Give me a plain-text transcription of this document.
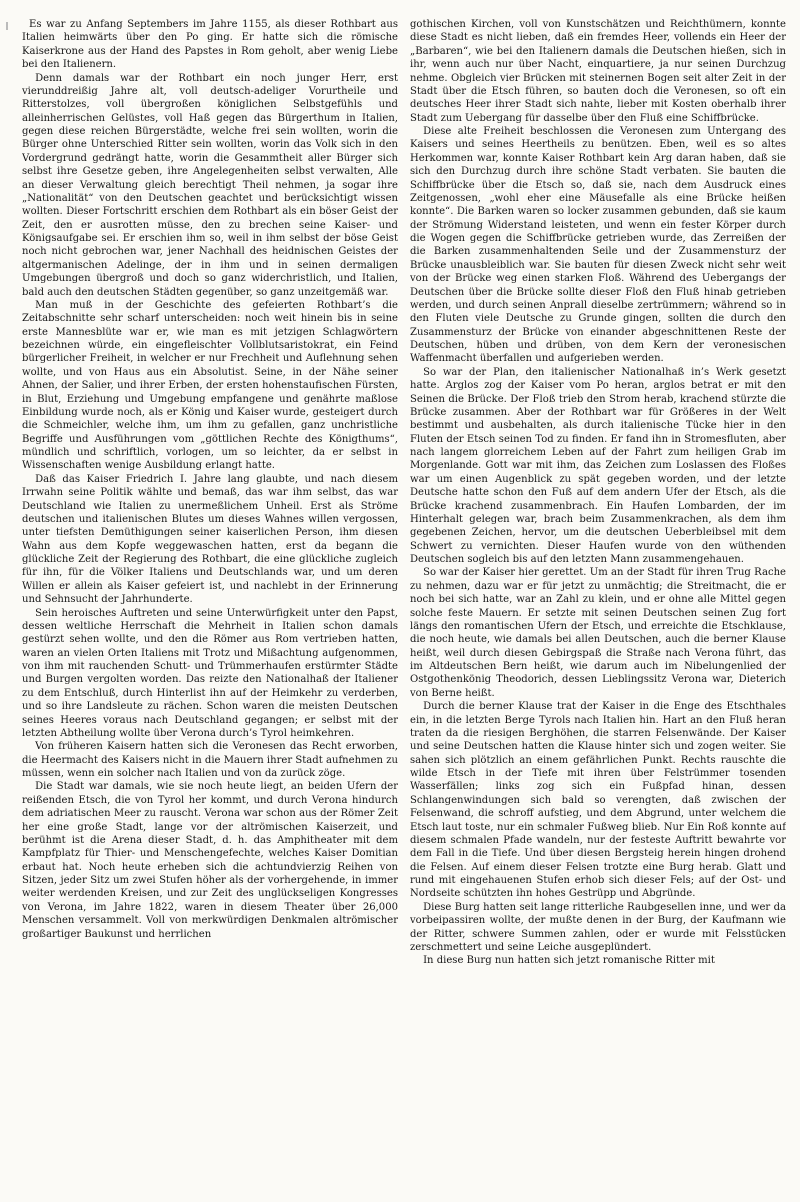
Es war zu Anfang Septembers im Jahre 1155, als dieser Rothbart aus Italien heimwärts über den Po ging. Er hatte sich die römische Kaiserkrone aus der Hand des Papstes in Rom geholt, aber wenig Liebe bei den Italienern.

Denn damals war der Rothbart ein noch junger Herr, erst vierunddreißig Jahre alt, voll deutsch-adeliger Vorurtheile und Ritterstolzes, voll übergroßen königlichen Selbstgefühls und alleinherrischen Gelüstes, voll Haß gegen das Bürgerthum in Italien, gegen diese reichen Bürgerstädte, welche frei sein wollten, worin die Bürger ohne Unterschied Ritter sein wollten, worin das Volk sich in den Vordergrund gedrängt hatte, worin die Gesammtheit aller Bürger sich selbst ihre Gesetze geben, ihre Angelegenheiten selbst verwalten, Alle an dieser Verwaltung gleich berechtigt Theil nehmen, ja sogar ihre „Nationalität“ von den Deutschen geachtet und berücksichtigt wissen wollten. Dieser Fortschritt erschien dem Rothbart als ein böser Geist der Zeit, den er ausrotten müsse, den zu brechen seine Kaiser- und Königsaufgabe sei. Er erschien ihm so, weil in ihm selbst der böse Geist noch nicht gebrochen war, jener Nachhall des heidnischen Geistes der altgermanischen Adelinge, der in ihm und in seinen dermaligen Umgebungen übergroß und doch so ganz widerchristlich, und Italien, bald auch den deutschen Städten gegenüber, so ganz unzeitgemäß war.

Man muß in der Geschichte des gefeierten Rothbart’s die Zeitabschnitte sehr scharf unterscheiden: noch weit hinein bis in seine erste Mannesblüte war er, wie man es mit jetzigen Schlagwörtern bezeichnen würde, ein eingefleischter Vollblutsaristokrat, ein Feind bürgerlicher Freiheit, in welcher er nur Frechheit und Auflehnung sehen wollte, und von Haus aus ein Absolutist. Seine, in der Nähe seiner Ahnen, der Salier, und ihrer Erben, der ersten hohenstaufischen Fürsten, in Blut, Erziehung und Umgebung empfangene und genährte maßlose Einbildung wurde noch, als er König und Kaiser wurde, gesteigert durch die Schmeichler, welche ihm, um ihm zu gefallen, ganz unchristliche Begriffe und Ausführungen vom „göttlichen Rechte des Königthums“, mündlich und schriftlich, vorlogen, um so leichter, da er selbst in Wissenschaften wenige Ausbildung erlangt hatte.

Daß das Kaiser Friedrich I. Jahre lang glaubte, und nach diesem Irrwahn seine Politik wählte und bemaß, das war ihm selbst, das war Deutschland wie Italien zu unermeßlichem Unheil. Erst als Ströme deutschen und italienischen Blutes um dieses Wahnes willen vergossen, unter tiefsten Demüthigungen seiner kaiserlichen Person, ihm diesen Wahn aus dem Kopfe weggewaschen hatten, erst da begann die glückliche Zeit der Regierung des Rothbart, die eine glückliche zugleich für ihn, für die Völker Italiens und Deutschlands war, und um deren Willen er allein als Kaiser gefeiert ist, und nachlebt in der Erinnerung und Sehnsucht der Jahrhunderte.

Sein heroisches Auftreten und seine Unterwürfigkeit unter den Papst, dessen weltliche Herrschaft die Mehrheit in Italien schon damals gestürzt sehen wollte, und den die Römer aus Rom vertrieben hatten, waren an vielen Orten Italiens mit Trotz und Mißachtung aufgenommen, von ihm mit rauchenden Schutt- und Trümmerhaufen erstürmter Städte und Burgen vergolten worden. Das reizte den Nationalhaß der Italiener zu dem Entschluß, durch Hinterlist ihn auf der Heimkehr zu verderben, und so ihre Landsleute zu rächen. Schon waren die meisten Deutschen seines Heeres voraus nach Deutschland gegangen; er selbst mit der letzten Abtheilung wollte über Verona durch’s Tyrol heimkehren.

Von früheren Kaisern hatten sich die Veronesen das Recht erworben, die Heermacht des Kaisers nicht in die Mauern ihrer Stadt aufnehmen zu müssen, wenn ein solcher nach Italien und von da zurück zöge.

Die Stadt war damals, wie sie noch heute liegt, an beiden Ufern der reißenden Etsch, die von Tyrol her kommt, und durch Verona hindurch dem adriatischen Meer zu rauscht. Verona war schon aus der Römer Zeit her eine große Stadt, lange vor der altrömischen Kaiserzeit, und berühmt ist die Arena dieser Stadt, d. h. das Amphitheater mit dem Kampfplatz für Thier- und Menschengefechte, welches Kaiser Domitian erbaut hat. Noch heute erheben sich die achtundvierzig Reihen von Sitzen, jeder Sitz um zwei Stufen höher als der vorhergehende, in immer weiter werdenden Kreisen, und zur Zeit des unglückseligen Kongresses von Verona, im Jahre 1822, waren in diesem Theater über 26,000 Menschen versammelt. Voll von merkwürdigen Denkmalen altrömischer großartiger Baukunst und herrlichen

gothischen Kirchen, voll von Kunstschätzen und Reichthümern, konnte diese Stadt es nicht lieben, daß ein fremdes Heer, vollends ein Heer der „Barbaren“, wie bei den Italienern damals die Deutschen hießen, sich in ihr, wenn auch nur über Nacht, einquartiere, ja nur seinen Durchzug nehme. Obgleich vier Brücken mit steinernen Bogen seit alter Zeit in der Stadt über die Etsch führen, so bauten doch die Veronesen, so oft ein deutsches Heer ihrer Stadt sich nahte, lieber mit Kosten oberhalb ihrer Stadt zum Uebergang für dasselbe über den Fluß eine Schiffbrücke.

Diese alte Freiheit beschlossen die Veronesen zum Untergang des Kaisers und seines Heertheils zu benützen. Eben, weil es so altes Herkommen war, konnte Kaiser Rothbart kein Arg daran haben, daß sie sich den Durchzug durch ihre schöne Stadt verbaten. Sie bauten die Schiffbrücke über die Etsch so, daß sie, nach dem Ausdruck eines Zeitgenossen, „wohl eher eine Mäusefalle als eine Brücke heißen konnte“. Die Barken waren so locker zusammen gebunden, daß sie kaum der Strömung Widerstand leisteten, und wenn ein fester Körper durch die Wogen gegen die Schiffbrücke getrieben wurde, das Zerreißen der die Barken zusammenhaltenden Seile und der Zusammensturz der Brücke unausbleiblich war. Sie bauten für diesen Zweck nicht sehr weit von der Brücke weg einen starken Floß. Während des Uebergangs der Deutschen über die Brücke sollte dieser Floß den Fluß hinab getrieben werden, und durch seinen Anprall dieselbe zertrümmern; während so in den Fluten viele Deutsche zu Grunde gingen, sollten die durch den Zusammensturz der Brücke von einander abgeschnittenen Reste der Deutschen, hüben und drüben, von dem Kern der veronesischen Waffenmacht überfallen und aufgerieben werden.

So war der Plan, den italienischer Nationalhaß in’s Werk gesetzt hatte. Arglos zog der Kaiser vom Po heran, arglos betrat er mit den Seinen die Brücke. Der Floß trieb den Strom herab, krachend stürzte die Brücke zusammen. Aber der Rothbart war für Größeres in der Welt bestimmt und ausbehalten, als durch italienische Tücke hier in den Fluten der Etsch seinen Tod zu finden. Er fand ihn in Stromesfluten, aber nach langem glorreichem Leben auf der Fahrt zum heiligen Grab im Morgenlande. Gott war mit ihm, das Zeichen zum Loslassen des Floßes war um einen Augenblick zu spät gegeben worden, und der letzte Deutsche hatte schon den Fuß auf dem andern Ufer der Etsch, als die Brücke krachend zusammenbrach. Ein Haufen Lombarden, der im Hinterhalt gelegen war, brach beim Zusammenkrachen, als dem ihm gegebenen Zeichen, hervor, um die deutschen Ueberbleibsel mit dem Schwert zu vernichten. Dieser Haufen wurde von den wüthenden Deutschen sogleich bis auf den letzten Mann zusammengehauen.

So war der Kaiser hier gerettet. Um an der Stadt für ihren Trug Rache zu nehmen, dazu war er für jetzt zu unmächtig; die Streitmacht, die er noch bei sich hatte, war an Zahl zu klein, und er ohne alle Mittel gegen solche feste Mauern. Er setzte mit seinen Deutschen seinen Zug fort längs den romantischen Ufern der Etsch, und erreichte die Etschklause, die noch heute, wie damals bei allen Deutschen, auch die berner Klause heißt, weil durch diesen Gebirgspaß die Straße nach Verona führt, das im Altdeutschen Bern heißt, wie darum auch im Nibelungenlied der Ostgothenkönig Theodorich, dessen Lieblingssitz Verona war, Dieterich von Berne heißt.

Durch die berner Klause trat der Kaiser in die Enge des Etschthales ein, in die letzten Berge Tyrols nach Italien hin. Hart an den Fluß heran traten da die riesigen Berghöhen, die starren Felsenwände. Der Kaiser und seine Deutschen hatten die Klause hinter sich und zogen weiter. Sie sahen sich plötzlich an einem gefährlichen Punkt. Rechts rauschte die wilde Etsch in der Tiefe mit ihren über Felstrümmer tosenden Wasserfällen; links zog sich ein Fußpfad hinan, dessen Schlangenwindungen sich bald so verengten, daß zwischen der Felsenwand, die schroff aufstieg, und dem Abgrund, unter welchem die Etsch laut toste, nur ein schmaler Fußweg blieb. Nur Ein Roß konnte auf diesem schmalen Pfade wandeln, nur der festeste Auftritt bewahrte vor dem Fall in die Tiefe. Und über diesen Bergsteig herein hingen drohend die Felsen. Auf einem dieser Felsen trotzte eine Burg herab. Glatt und rund mit eingehauenen Stufen erhob sich dieser Fels; auf der Ost- und Nordseite schützten ihn hohes Gestrüpp und Abgründe.

Diese Burg hatten seit lange ritterliche Raubgesellen inne, und wer da vorbeipassiren wollte, der mußte denen in der Burg, der Kaufmann wie der Ritter, schwere Summen zahlen, oder er wurde mit Felsstücken zerschmettert und seine Leiche ausgeplündert.

In diese Burg nun hatten sich jetzt romanische Ritter mit
